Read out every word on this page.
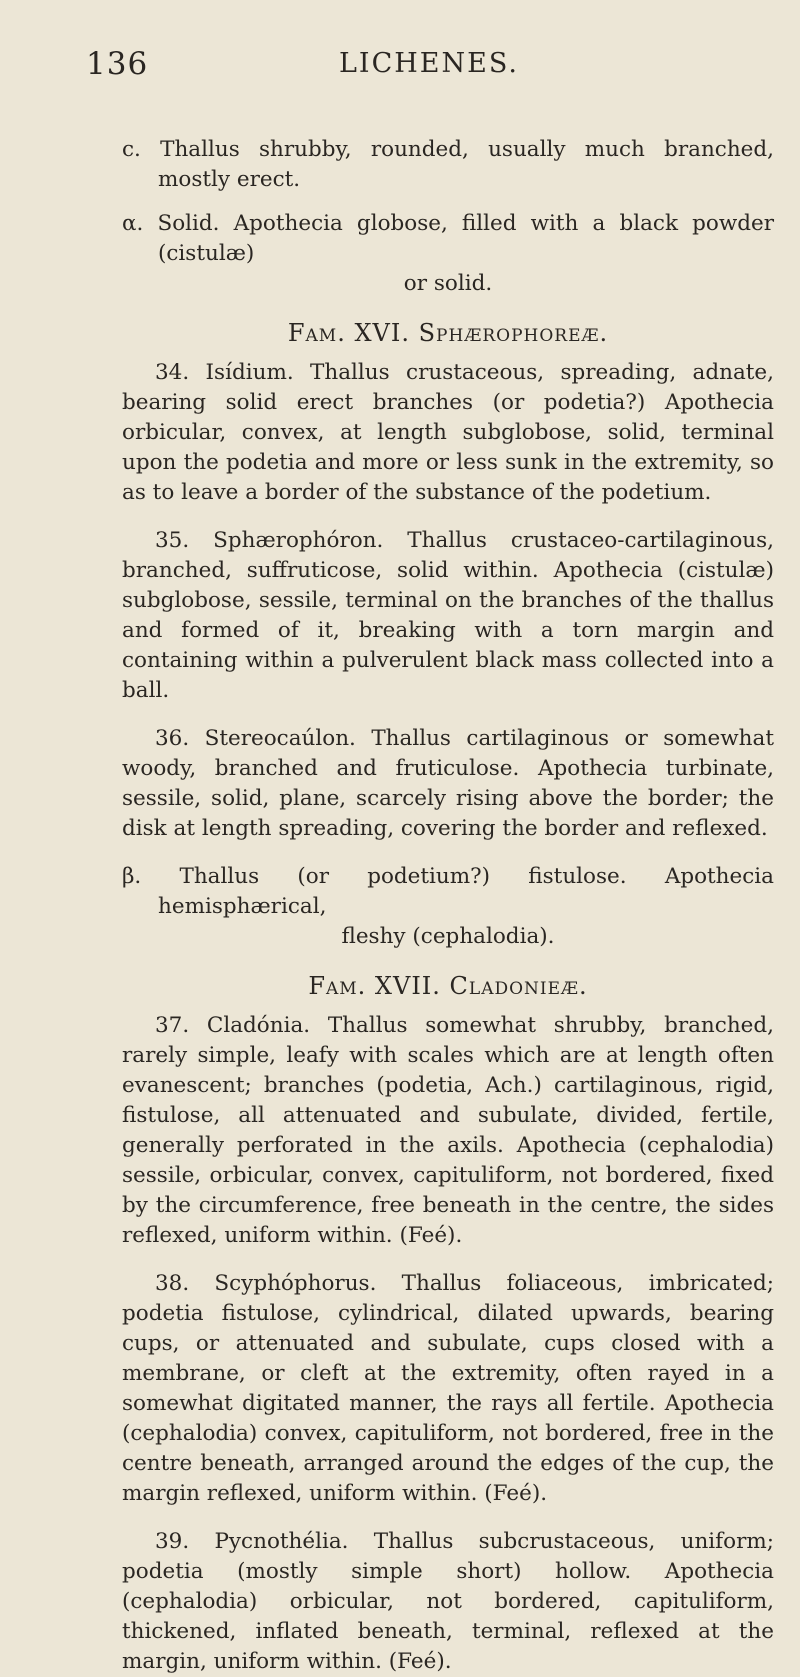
136	LICHENES.

c. Thallus shrubby, rounded, usually much branched, mostly erect.

α. Solid. Apothecia globose, filled with a black powder (cistulæ)

or solid.

Fam. XVI. Sphærophoreæ.

34. Isídium. Thallus crustaceous, spreading, adnate, bearing solid erect branches (or podetia?) Apothecia orbicular, convex, at length subglobose, solid, terminal upon the podetia and more or less sunk in the extremity, so as to leave a border of the substance of the podetium.

35. Sphærophóron. Thallus crustaceo-cartilaginous, branched, suffruticose, solid within. Apothecia (cistulæ) subglobose, sessile, terminal on the branches of the thallus and formed of it, breaking with a torn margin and containing within a pulverulent black mass collected into a ball.

36. Stereocaúlon. Thallus cartilaginous or somewhat woody, branched and fruticulose. Apothecia turbinate, sessile, solid, plane, scarcely rising above the border; the disk at length spreading, covering the border and reflexed.

β. Thallus (or podetium?) fistulose. Apothecia hemisphærical,

fleshy (cephalodia).

Fam. XVII. Cladonieæ.

37. Cladónia. Thallus somewhat shrubby, branched, rarely simple, leafy with scales which are at length often evanescent; branches (podetia, Ach.) cartilaginous, rigid, fistulose, all attenuated and subulate, divided, fertile, generally perforated in the axils. Apothecia (cephalodia) sessile, orbicular, convex, capituliform, not bordered, fixed by the circumference, free beneath in the centre, the sides reflexed, uniform within. (Feé).

38. Scyphóphorus. Thallus foliaceous, imbricated; podetia fistulose, cylindrical, dilated upwards, bearing cups, or attenuated and subulate, cups closed with a membrane, or cleft at the extremity, often rayed in a somewhat digitated manner, the rays all fertile. Apothecia (cephalodia) convex, capituliform, not bordered, free in the centre beneath, arranged around the edges of the cup, the margin reflexed, uniform within. (Feé).

39. Pycnothélia. Thallus subcrustaceous, uniform; podetia (mostly simple short) hollow. Apothecia (cephalodia) orbicular, not bordered, capituliform, thickened, inflated beneath, terminal, reflexed at the margin, uniform within. (Feé).
